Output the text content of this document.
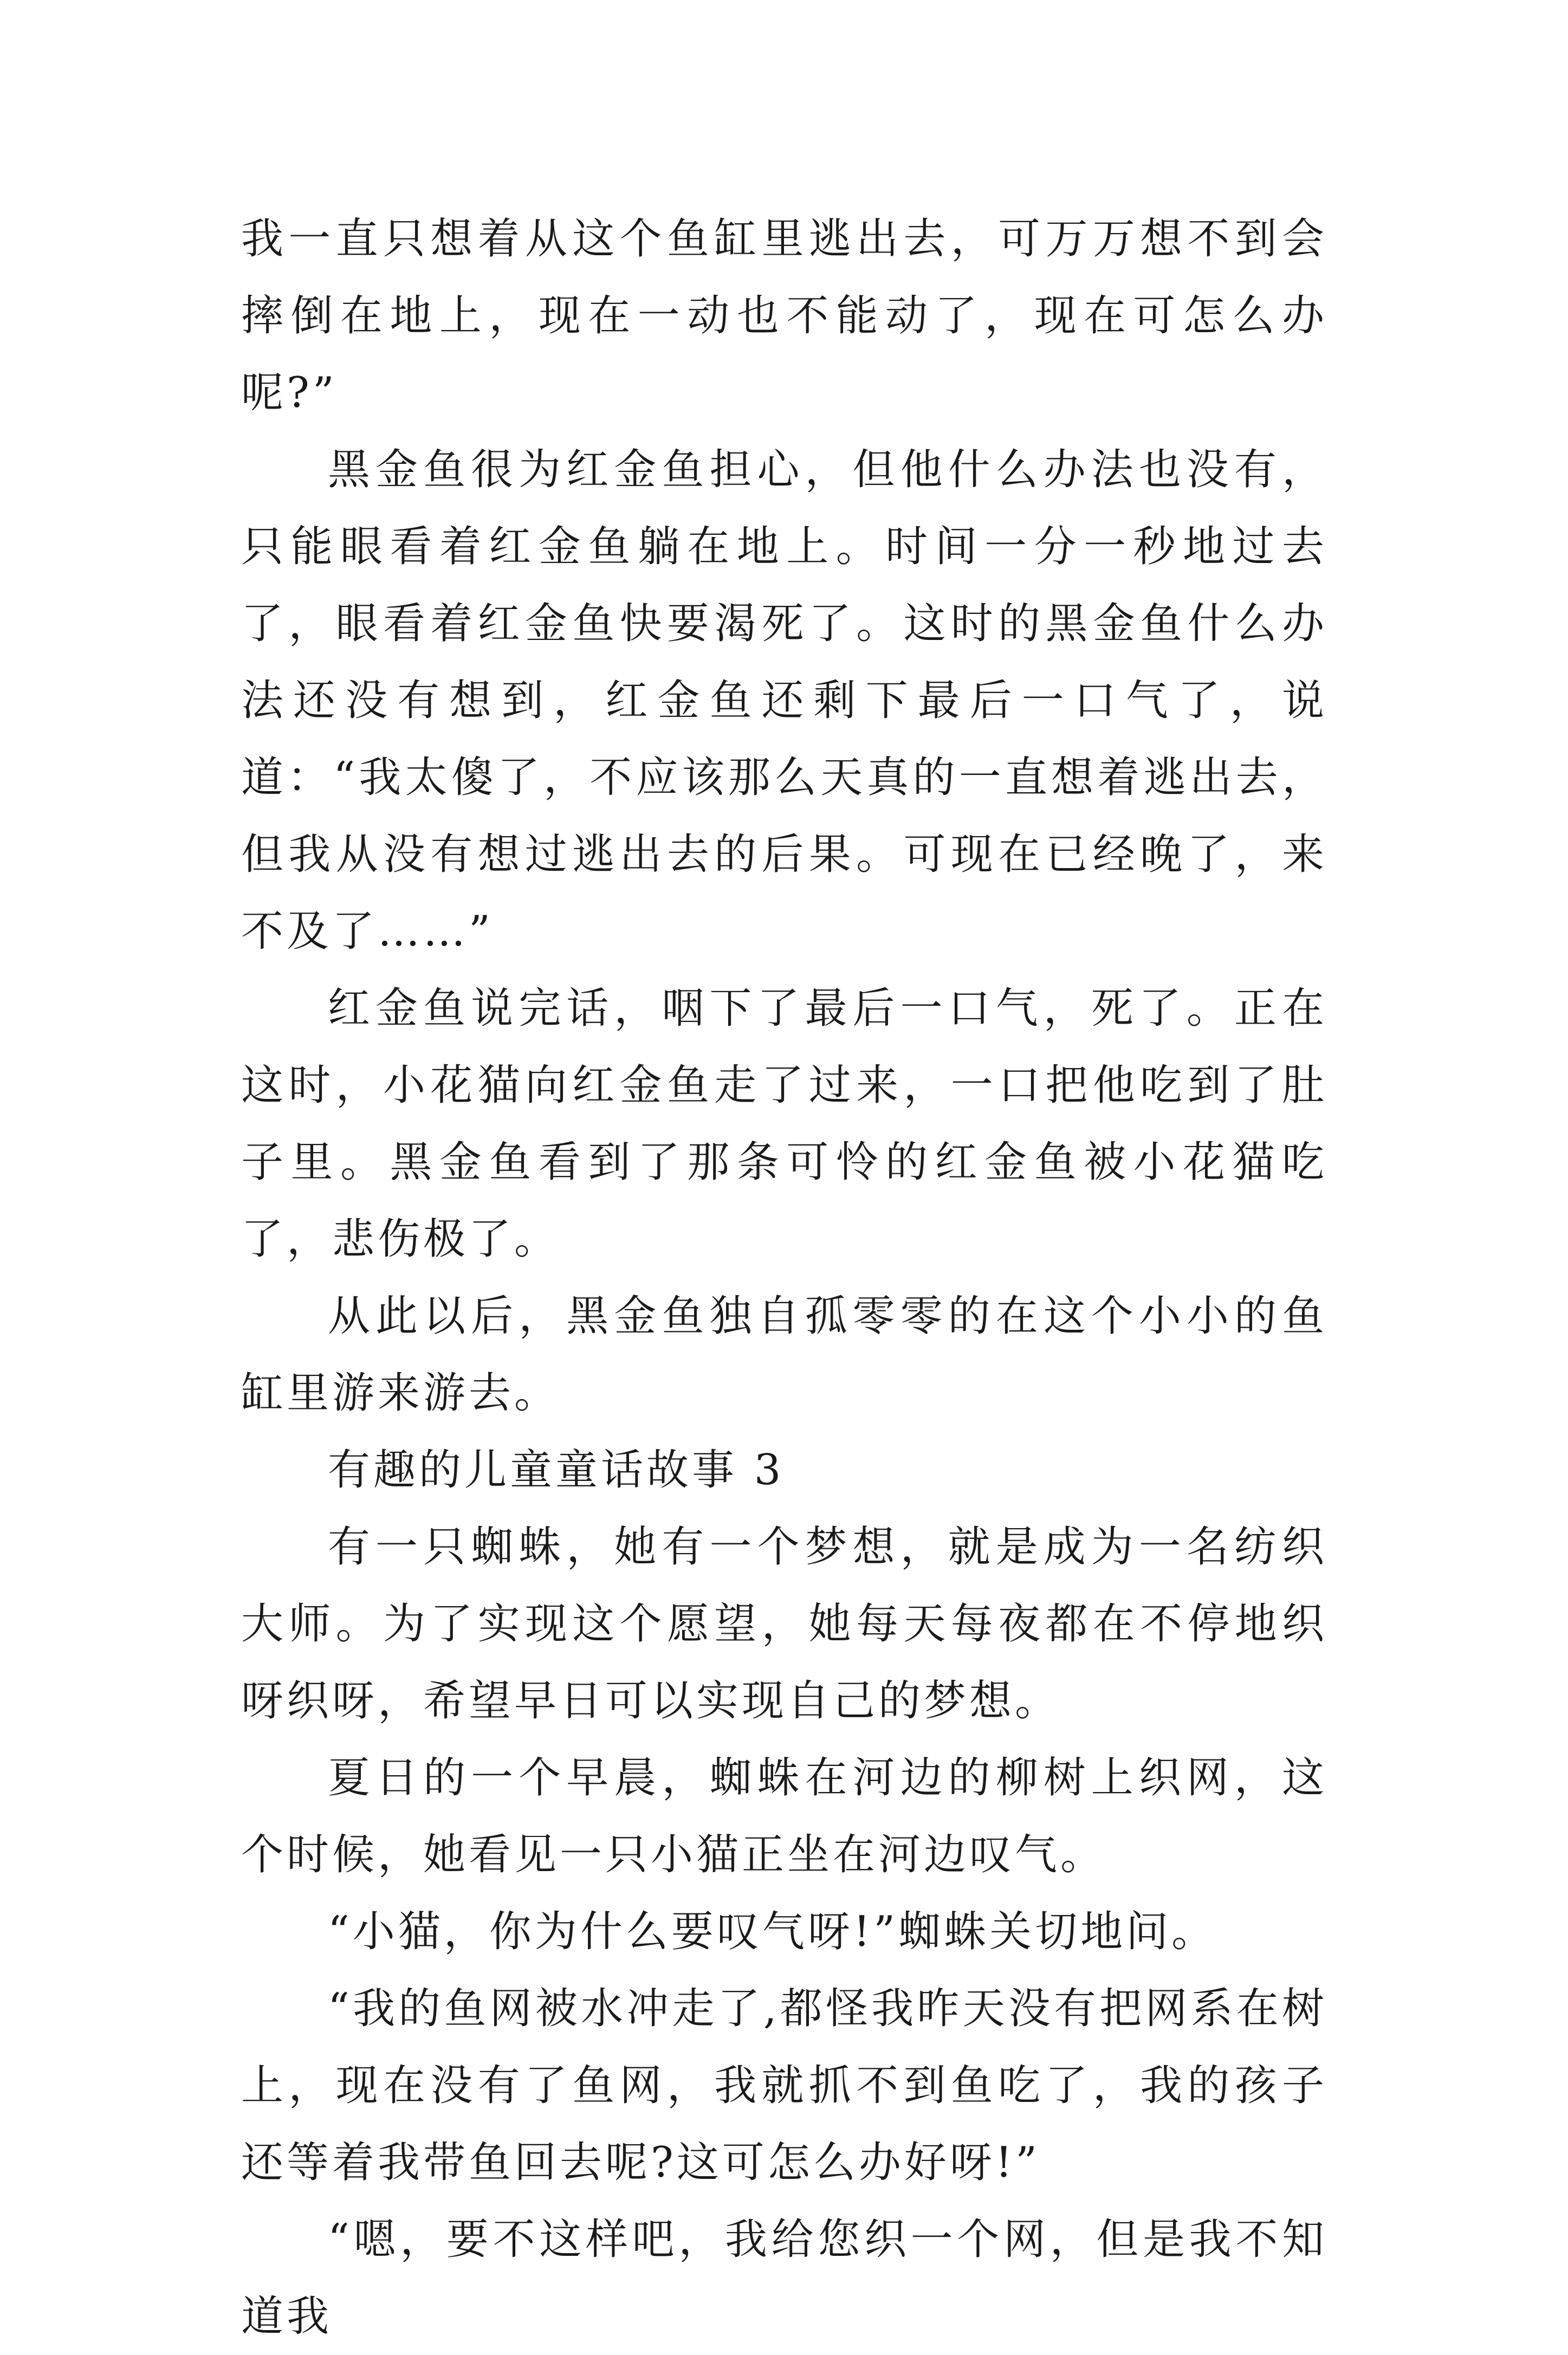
我一直只想着从这个鱼缸里逃出去，可万万想不到会摔倒在地上，现在一动也不能动了，现在可怎么办呢?”

黑金鱼很为红金鱼担心，但他什么办法也没有，只能眼看着红金鱼躺在地上。时间一分一秒地过去了，眼看着红金鱼快要渴死了。这时的黑金鱼什么办法还没有想到，红金鱼还剩下最后一口气了，说道：“我太傻了，不应该那么天真的一直想着逃出去，但我从没有想过逃出去的后果。可现在已经晚了，来不及了……”

红金鱼说完话，咽下了最后一口气，死了。正在这时，小花猫向红金鱼走了过来，一口把他吃到了肚子里。黑金鱼看到了那条可怜的红金鱼被小花猫吃了，悲伤极了。

从此以后，黑金鱼独自孤零零的在这个小小的鱼缸里游来游去。

有趣的儿童童话故事 3

有一只蜘蛛，她有一个梦想，就是成为一名纺织大师。为了实现这个愿望，她每天每夜都在不停地织呀织呀，希望早日可以实现自己的梦想。

夏日的一个早晨，蜘蛛在河边的柳树上织网，这个时候，她看见一只小猫正坐在河边叹气。

“小猫，你为什么要叹气呀!”蜘蛛关切地问。

“我的鱼网被水冲走了,都怪我昨天没有把网系在树上，现在没有了鱼网，我就抓不到鱼吃了，我的孩子还等着我带鱼回去呢?这可怎么办好呀!”

“嗯，要不这样吧，我给您织一个网，但是我不知道我
